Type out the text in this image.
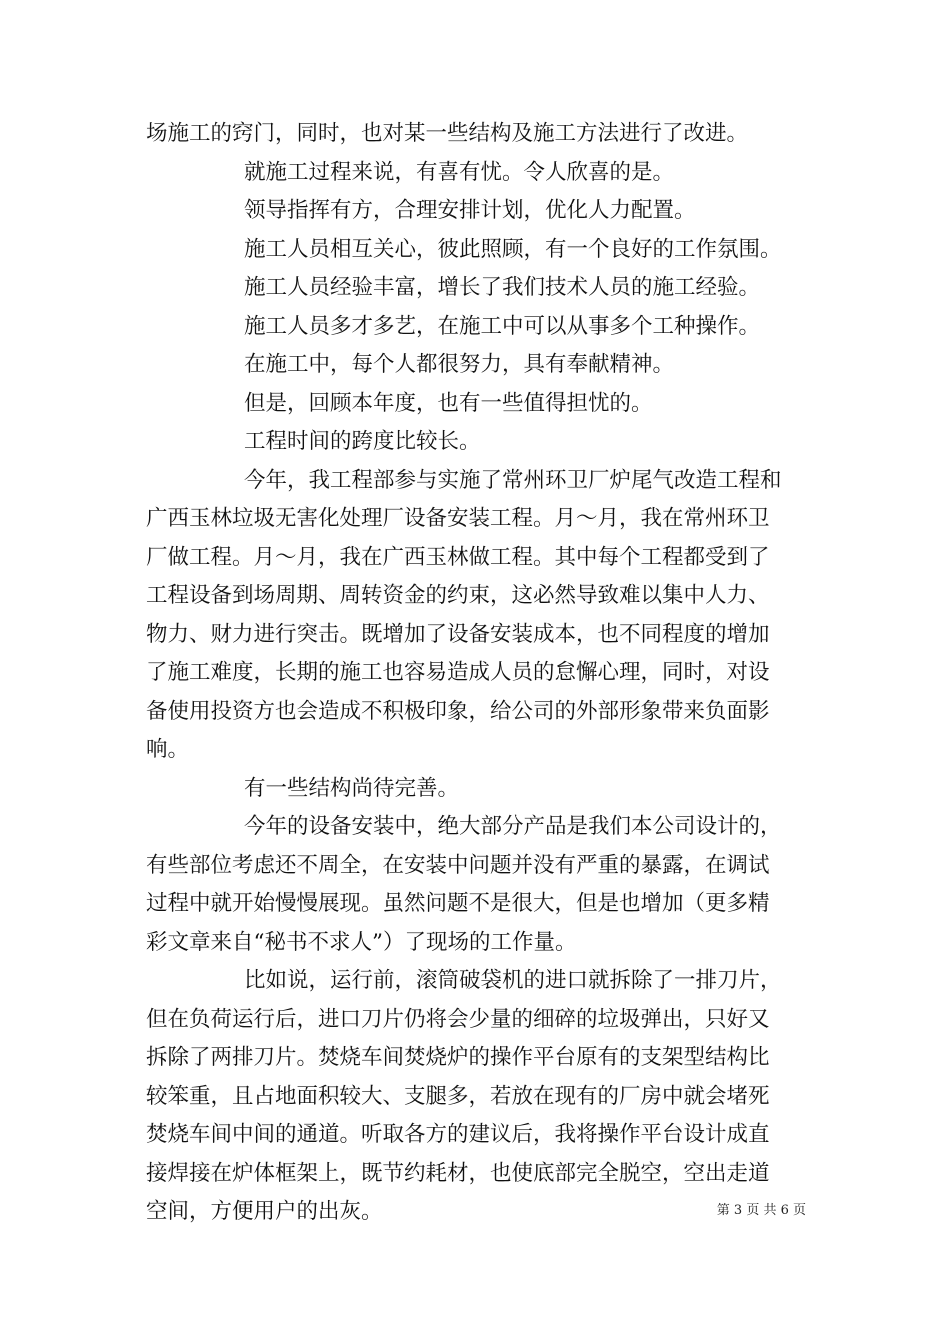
场施工的窍门，同时，也对某一些结构及施工方法进行了改进。
就施工过程来说，有喜有忧。令人欣喜的是。
领导指挥有方，合理安排计划，优化人力配置。
施工人员相互关心，彼此照顾，有一个良好的工作氛围。
施工人员经验丰富，增长了我们技术人员的施工经验。
施工人员多才多艺，在施工中可以从事多个工种操作。
在施工中，每个人都很努力，具有奉献精神。
但是，回顾本年度，也有一些值得担忧的。
工程时间的跨度比较长。
今年，我工程部参与实施了常州环卫厂炉尾气改造工程和
广西玉林垃圾无害化处理厂设备安装工程。月～月，我在常州环卫
厂做工程。月～月，我在广西玉林做工程。其中每个工程都受到了
工程设备到场周期、周转资金的约束，这必然导致难以集中人力、
物力、财力进行突击。既增加了设备安装成本，也不同程度的增加
了施工难度，长期的施工也容易造成人员的怠懈心理，同时，对设
备使用投资方也会造成不积极印象，给公司的外部形象带来负面影
响。
有一些结构尚待完善。
今年的设备安装中，绝大部分产品是我们本公司设计的，
有些部位考虑还不周全，在安装中问题并没有严重的暴露，在调试
过程中就开始慢慢展现。虽然问题不是很大，但是也增加（更多精
彩文章来自“秘书不求人”）了现场的工作量。
比如说，运行前，滚筒破袋机的进口就拆除了一排刀片，
但在负荷运行后，进口刀片仍将会少量的细碎的垃圾弹出，只好又
拆除了两排刀片。焚烧车间焚烧炉的操作平台原有的支架型结构比
较笨重，且占地面积较大、支腿多，若放在现有的厂房中就会堵死
焚烧车间中间的通道。听取各方的建议后，我将操作平台设计成直
接焊接在炉体框架上，既节约耗材，也使底部完全脱空，空出走道
空间，方便用户的出灰。	第 3 页 共 6 页
